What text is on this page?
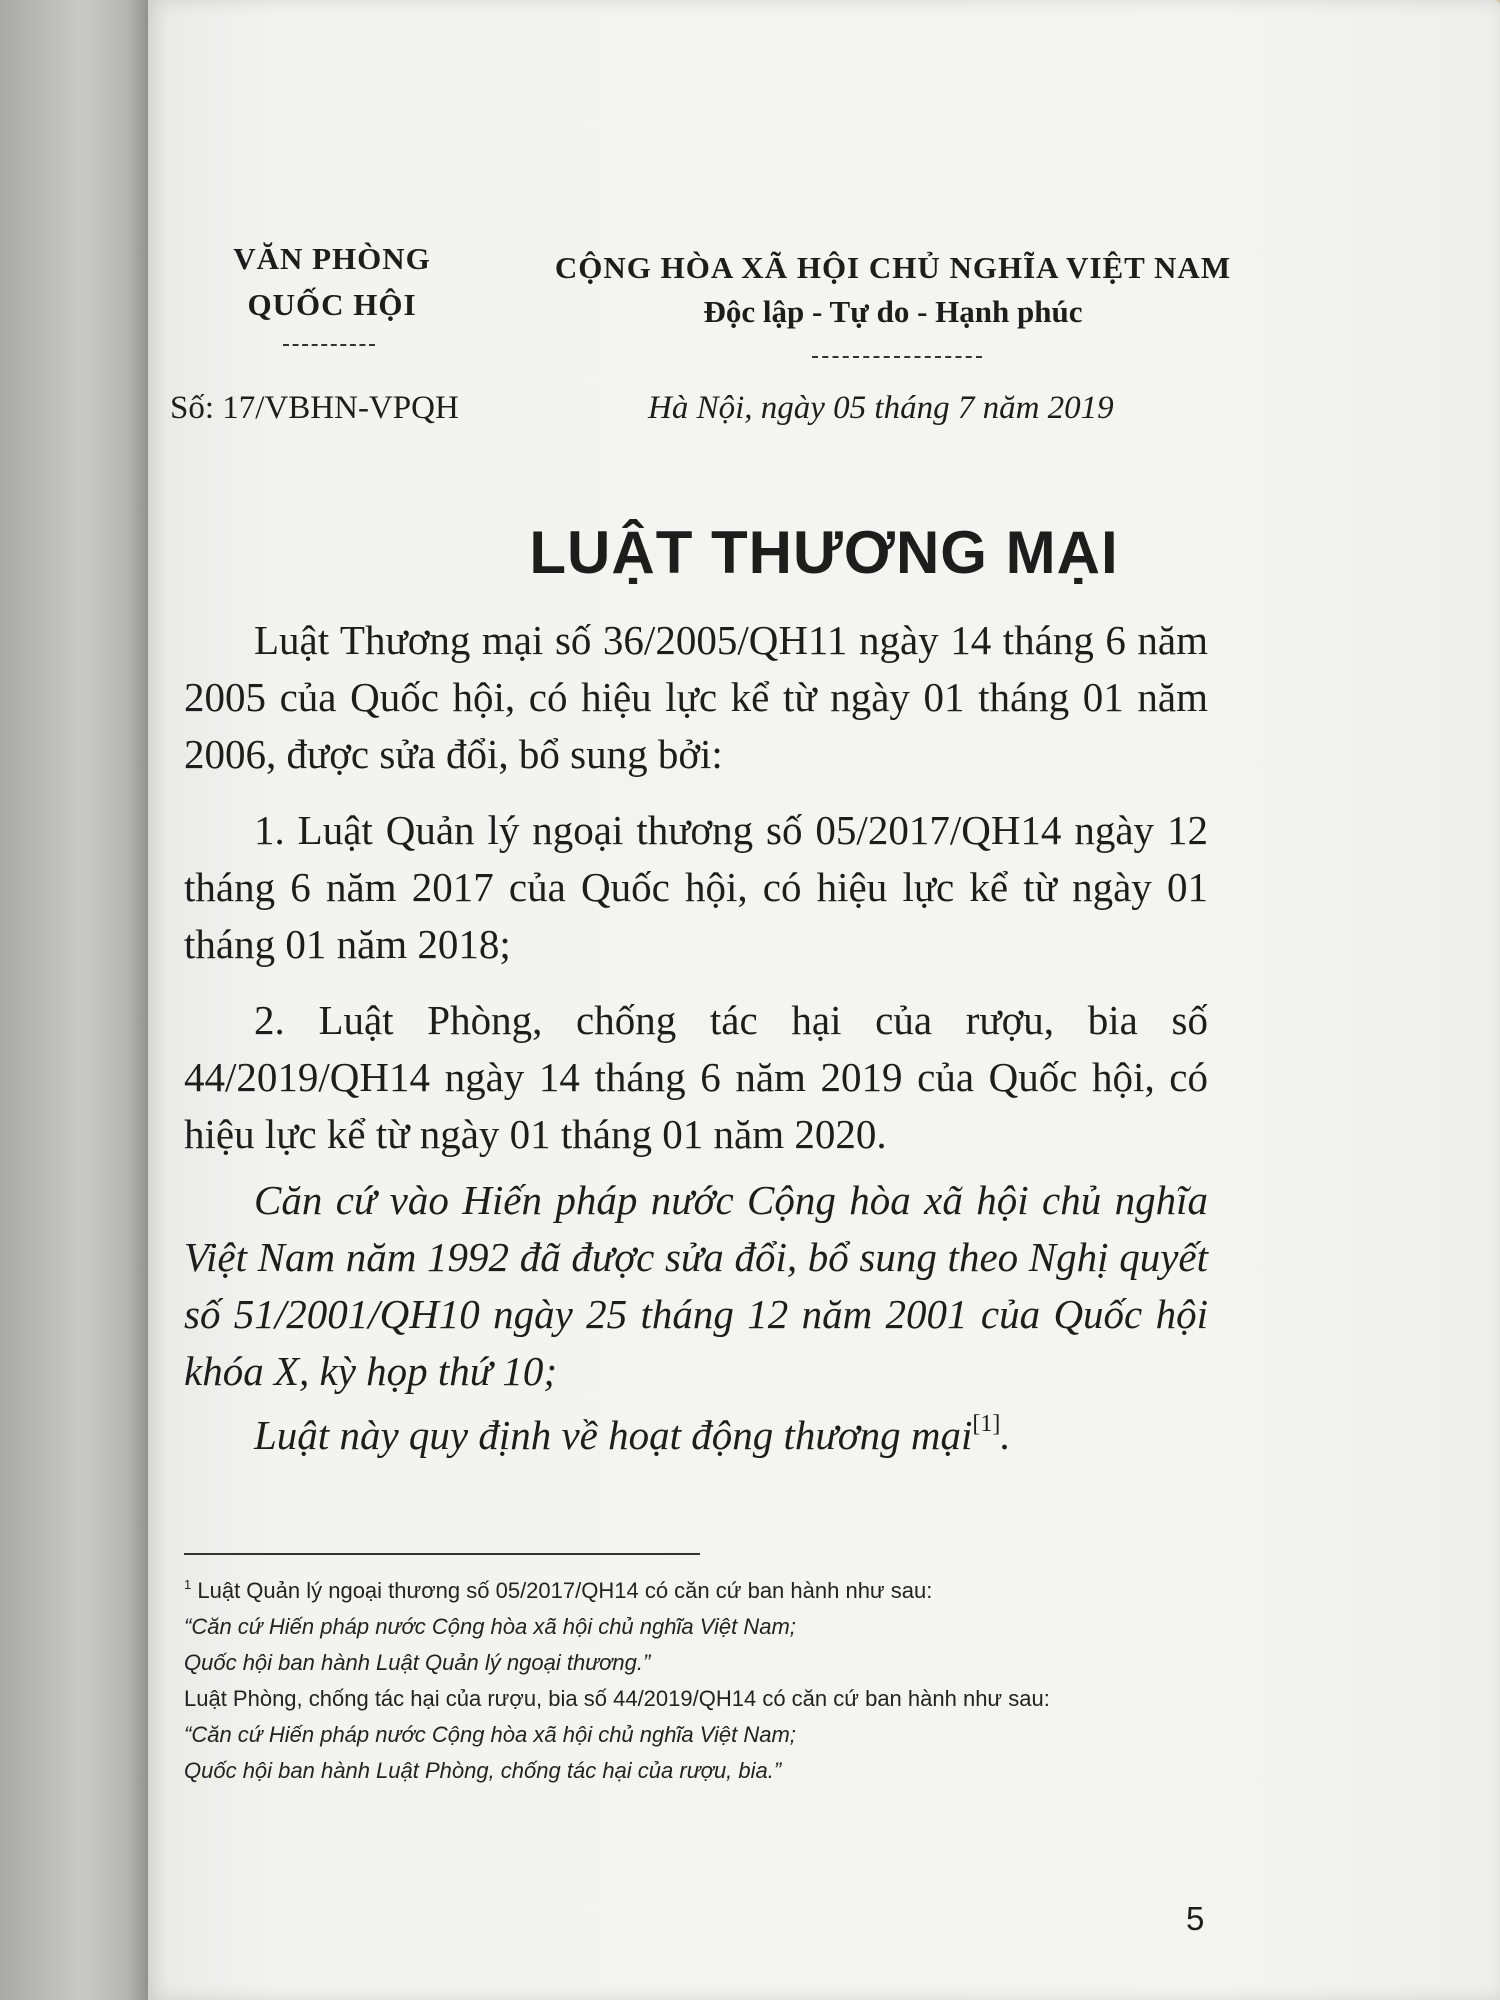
VĂN PHÒNG
QUỐC HỘI
CỘNG HÒA XÃ HỘI CHỦ NGHĨA VIỆT NAM
Độc lập - Tự do - Hạnh phúc
Số: 17/VBHN-VPQH	Hà Nội, ngày 05 tháng 7 năm 2019
LUẬT THƯƠNG MẠI
Luật Thương mại số 36/2005/QH11 ngày 14 tháng 6 năm 2005 của Quốc hội, có hiệu lực kể từ ngày 01 tháng 01 năm 2006, được sửa đổi, bổ sung bởi:
1. Luật Quản lý ngoại thương số 05/2017/QH14 ngày 12 tháng 6 năm 2017 của Quốc hội, có hiệu lực kể từ ngày 01 tháng 01 năm 2018;
2. Luật Phòng, chống tác hại của rượu, bia số 44/2019/QH14 ngày 14 tháng 6 năm 2019 của Quốc hội, có hiệu lực kể từ ngày 01 tháng 01 năm 2020.
Căn cứ vào Hiến pháp nước Cộng hòa xã hội chủ nghĩa Việt Nam năm 1992 đã được sửa đổi, bổ sung theo Nghị quyết số 51/2001/QH10 ngày 25 tháng 12 năm 2001 của Quốc hội khóa X, kỳ họp thứ 10;
Luật này quy định về hoạt động thương mại[1].
$^1$ Luật Quản lý ngoại thương số 05/2017/QH14 có căn cứ ban hành như sau:
“Căn cứ Hiến pháp nước Cộng hòa xã hội chủ nghĩa Việt Nam;
Quốc hội ban hành Luật Quản lý ngoại thương.”
Luật Phòng, chống tác hại của rượu, bia số 44/2019/QH14 có căn cứ ban hành như sau:
“Căn cứ Hiến pháp nước Cộng hòa xã hội chủ nghĩa Việt Nam;
Quốc hội ban hành Luật Phòng, chống tác hại của rượu, bia.”
5
